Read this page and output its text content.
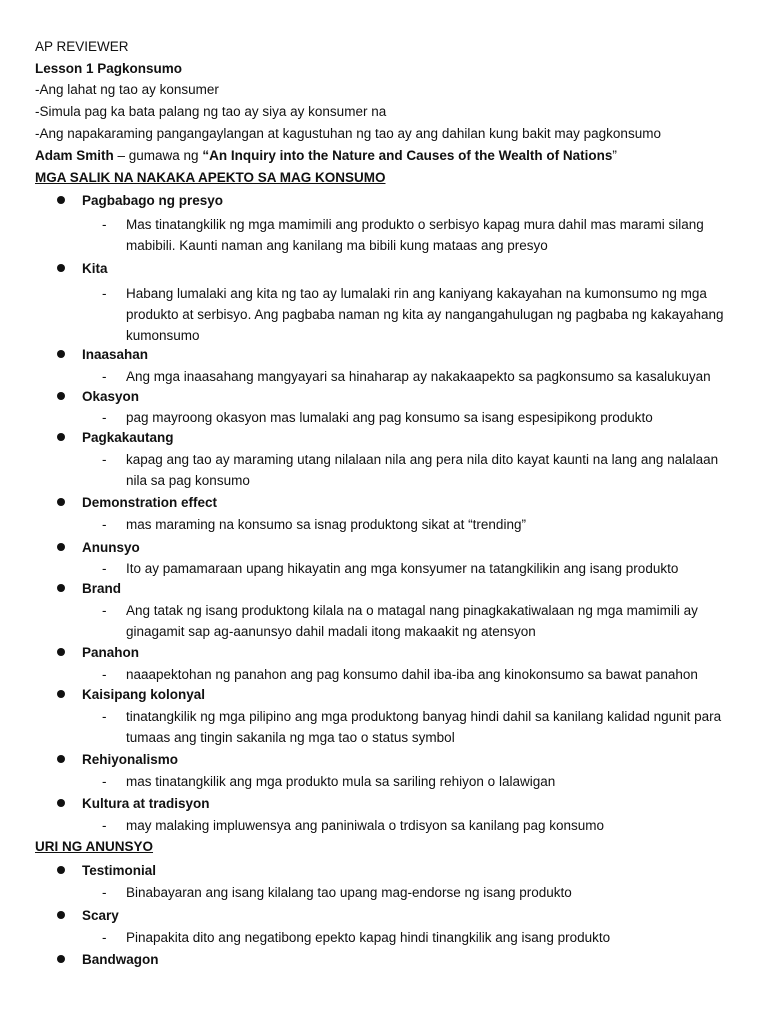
AP REVIEWER
Lesson 1 Pagkonsumo
-Ang lahat ng tao ay konsumer
-Simula pag ka bata palang ng tao ay siya ay konsumer na
-Ang napakaraming pangangaylangan at kagustuhan ng tao ay ang dahilan kung bakit may pagkonsumo
Adam Smith – gumawa ng “An Inquiry into the Nature and Causes of the Wealth of Nations”
MGA SALIK NA NAKAKA APEKTO SA MAG KONSUMO
Pagbabago ng presyo
- Mas tinatangkilik ng mga mamimili ang produkto o serbisyo kapag mura dahil mas marami silang mabibili. Kaunti naman ang kanilang ma bibili kung mataas ang presyo
Kita
- Habang lumalaki ang kita ng tao ay lumalaki rin ang kaniyang kakayahan na kumonsumo ng mga produkto at serbisyo. Ang pagbaba naman ng kita ay nangangahulugan ng pagbaba ng kakayahang kumonsumo
Inaasahan
- Ang mga inaasahang mangyayari sa hinaharap ay nakakaapekto sa pagkonsumo sa kasalukuyan
Okasyon
- pag mayroong okasyon mas lumalaki ang pag konsumo sa isang espesipikong produkto
Pagkakautang
- kapag ang tao ay maraming utang nilalaan nila ang pera nila dito kayat kaunti na lang ang nalalaan nila sa pag konsumo
Demonstration effect
- mas maraming na konsumo sa isnag produktong sikat at “trending”
Anunsyo
- Ito ay pamamaraan upang hikayatin ang mga konsyumer na tatangkilikin ang isang produkto
Brand
- Ang tatak ng isang produktong kilala na o matagal nang pinagkakatiwalaan ng mga mamimili ay ginagamit sap ag-aanunsyo dahil madali itong makaakit ng atensyon
Panahon
- naaapektohan ng panahon ang pag konsumo dahil iba-iba ang kinokonsumo sa bawat panahon
Kaisipang kolonyal
- tinatangkilik ng mga pilipino ang mga produktong banyag hindi dahil sa kanilang kalidad ngunit para tumaas ang tingin sakanila ng mga tao o status symbol
Rehiyonalismo
- mas tinatangkilik ang mga produkto mula sa sariling rehiyon o lalawigan
Kultura at tradisyon
- may malaking impluwensya ang paniniwala o trdisyon sa kanilang pag konsumo
URI NG ANUNSYO
Testimonial
- Binabayaran ang isang kilalang tao upang mag-endorse ng isang produkto
Scary
- Pinapakita dito ang negatibong epekto kapag hindi tinangkilik ang isang produkto
Bandwagon
